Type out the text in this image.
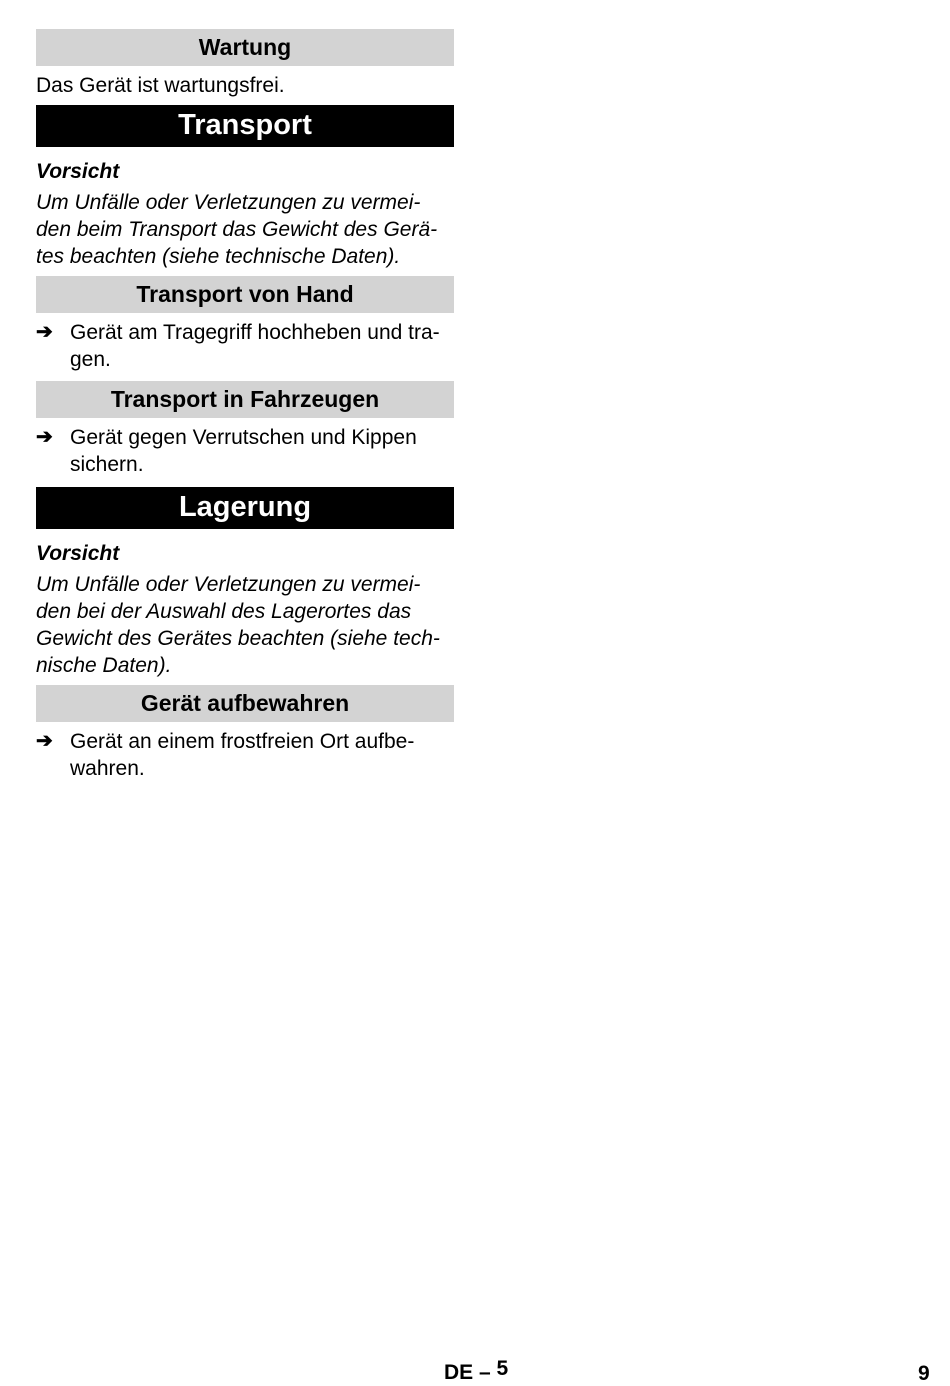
Wartung

Das Gerät ist wartungsfrei.

Transport

Vorsicht

Um Unfälle oder Verletzungen zu vermei-

den beim Transport das Gewicht des Gerä-

tes beachten (siehe technische Daten).

Transport von Hand
➔ Gerät am Tragegriff hochheben und tra-

gen.

Transport in Fahrzeugen
➔ Gerät gegen Verrutschen und Kippen

sichern.

Lagerung

Vorsicht

Um Unfälle oder Verletzungen zu vermei-

den bei der Auswahl des Lagerortes das

Gewicht des Gerätes beachten (siehe tech-

nische Daten).

Gerät aufbewahren
➔ Gerät an einem frostfreien Ort aufbe-

wahren.

DE – 5	9
